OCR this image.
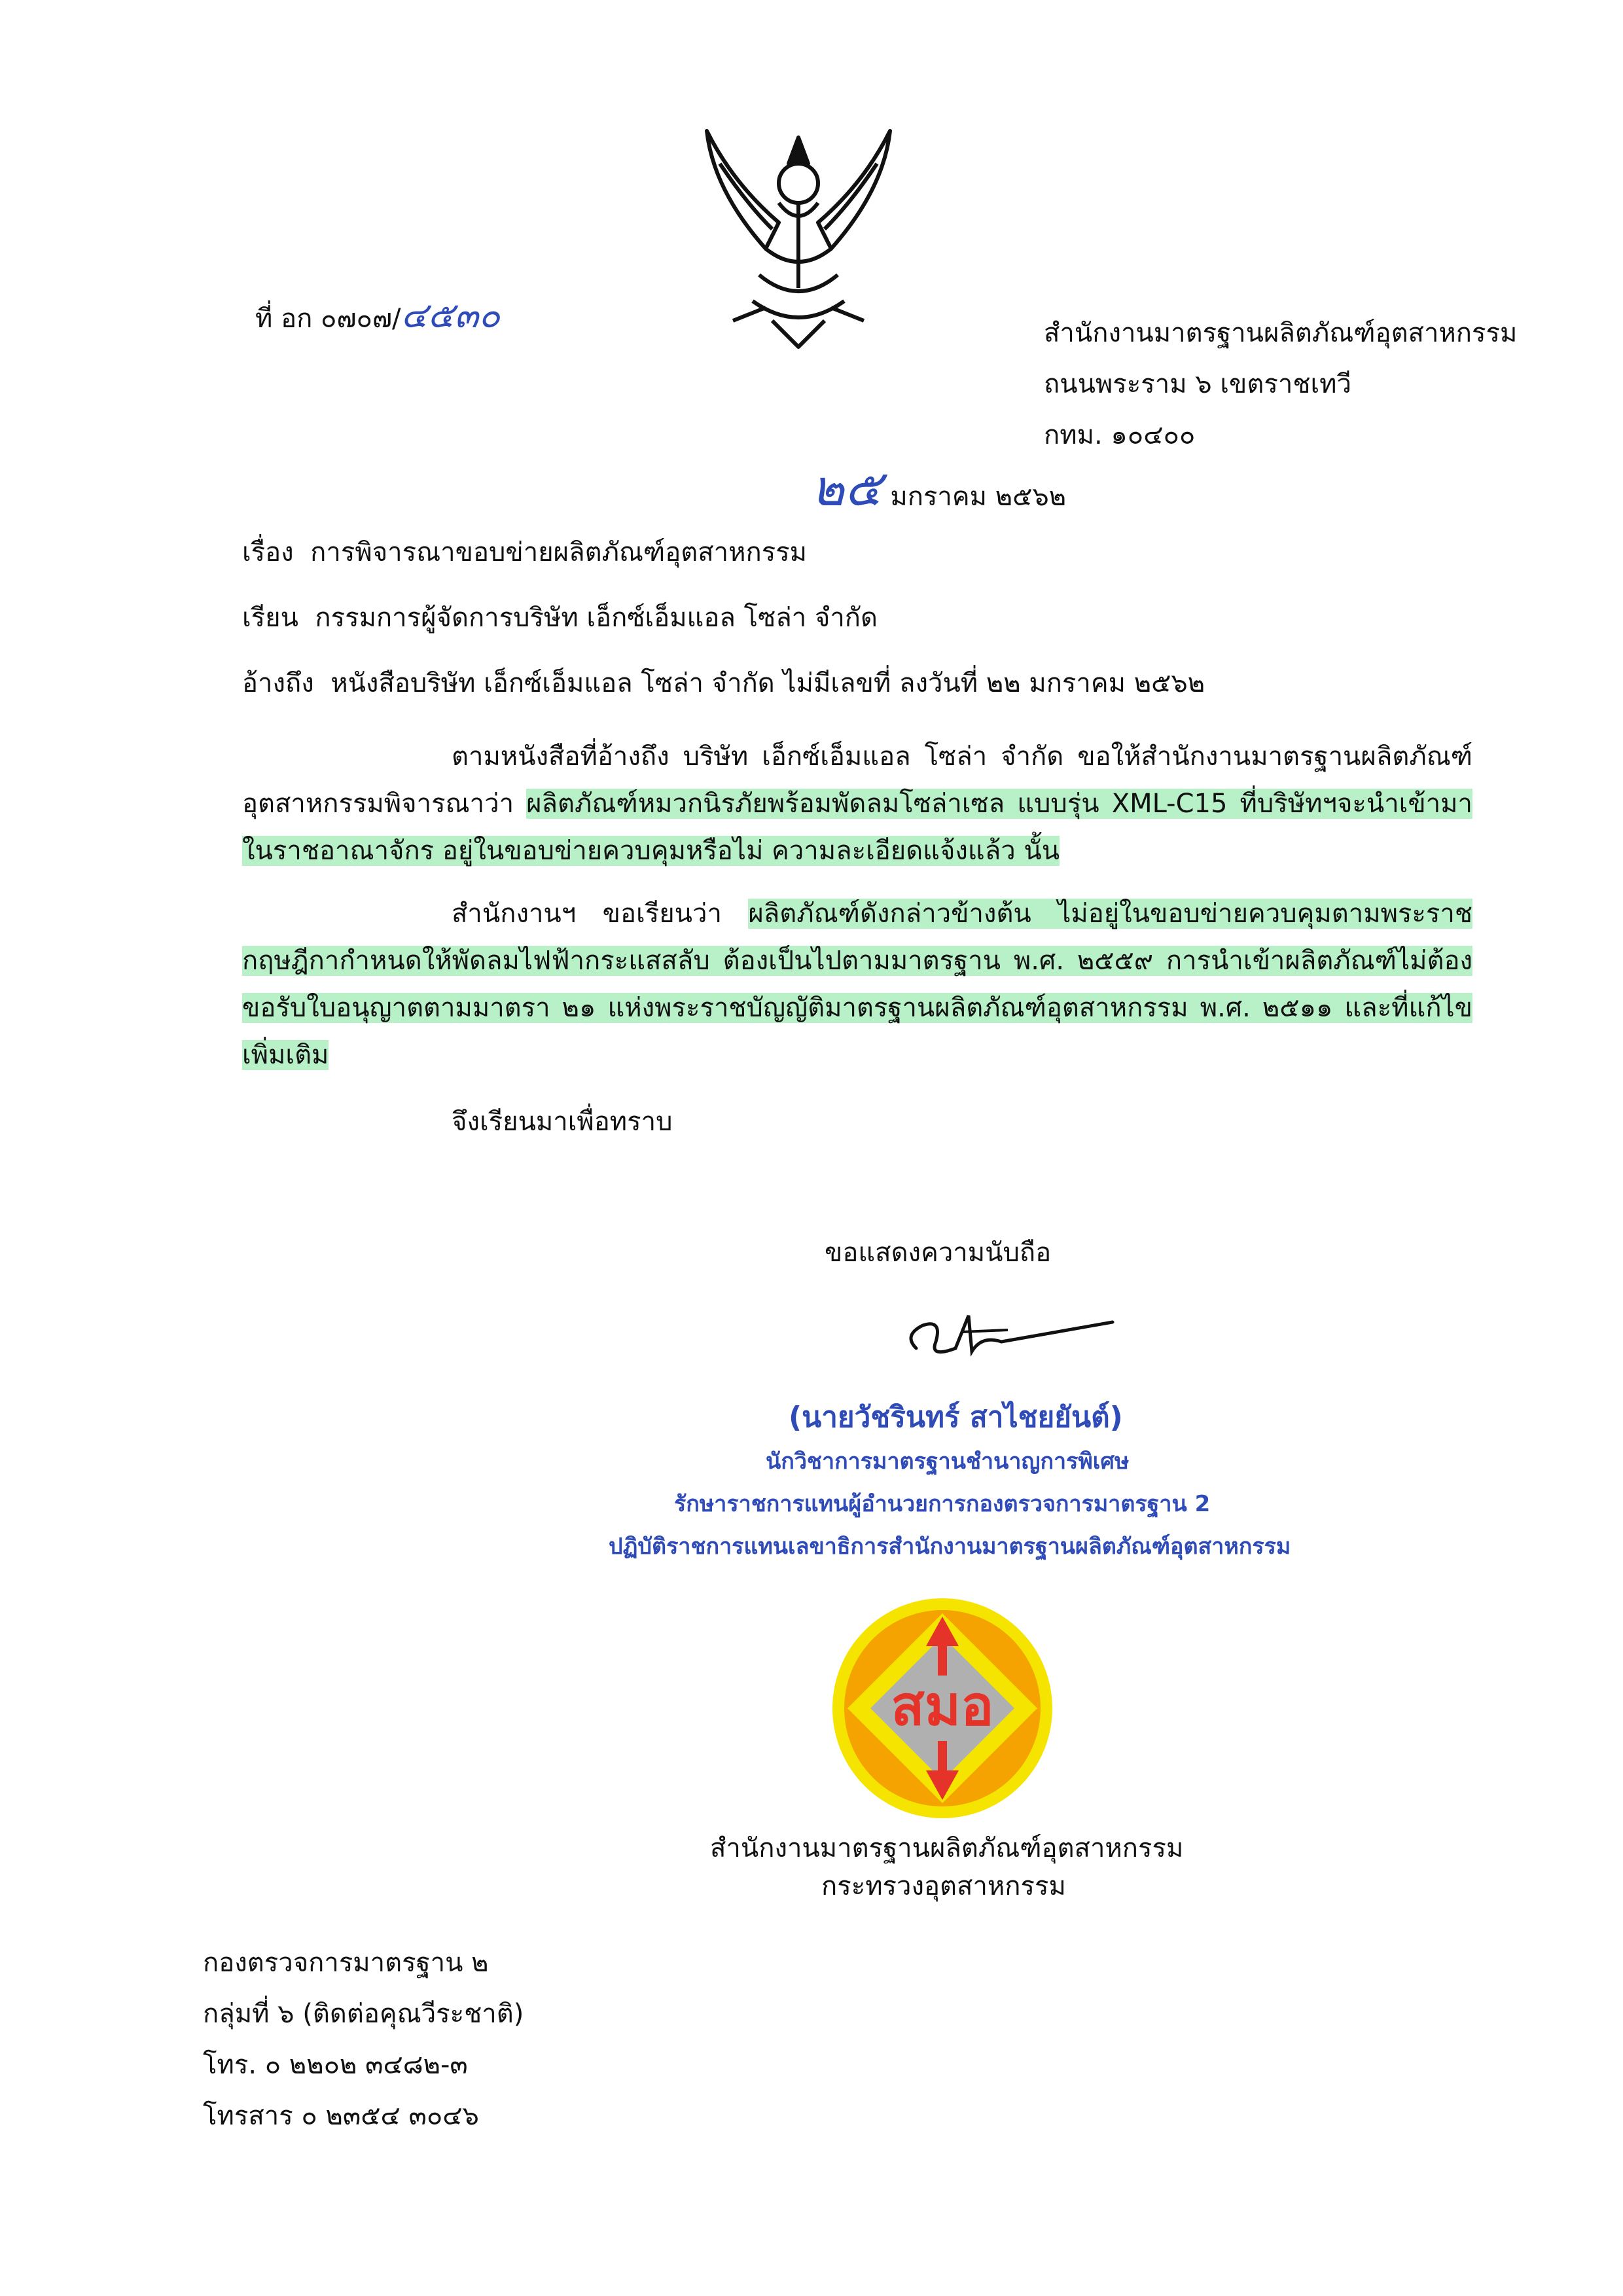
ที่ อก ๐๗๐๗/๔๕๓๐	สำนักงานมาตรฐานผลิตภัณฑ์อุตสาหกรรม
ถนนพระราม ๖ เขตราชเทวี
กทม. ๑๐๔๐๐
๒๕ มกราคม ๒๕๖๒
เรื่อง การพิจารณาขอบข่ายผลิตภัณฑ์อุตสาหกรรม
เรียน กรรมการผู้จัดการบริษัท เอ็กซ์เอ็มแอล โซล่า จำกัด
อ้างถึง หนังสือบริษัท เอ็กซ์เอ็มแอล โซล่า จำกัด ไม่มีเลขที่ ลงวันที่ ๒๒ มกราคม ๒๕๖๒

ตามหนังสือที่อ้างถึง บริษัท เอ็กซ์เอ็มแอล โซล่า จำกัด ขอให้สำนักงานมาตรฐานผลิตภัณฑ์อุตสาหกรรมพิจารณาว่า ผลิตภัณฑ์หมวกนิรภัยพร้อมพัดลมโซล่าเซล แบบรุ่น XML-C15 ที่บริษัทฯจะนำเข้ามาในราชอาณาจักร อยู่ในขอบข่ายควบคุมหรือไม่ ความละเอียดแจ้งแล้ว นั้น

สำนักงานฯ ขอเรียนว่า ผลิตภัณฑ์ดังกล่าวข้างต้น ไม่อยู่ในขอบข่ายควบคุมตามพระราชกฤษฎีกากำหนดให้พัดลมไฟฟ้ากระแสสลับ ต้องเป็นไปตามมาตรฐาน พ.ศ. ๒๕๕๙ การนำเข้าผลิตภัณฑ์ไม่ต้องขอรับใบอนุญาตตามมาตรา ๒๑ แห่งพระราชบัญญัติมาตรฐานผลิตภัณฑ์อุตสาหกรรม พ.ศ. ๒๕๑๑ และที่แก้ไขเพิ่มเติม

จึงเรียนมาเพื่อทราบ
ขอแสดงความนับถือ
(นายวัชรินทร์ สาไชยยันต์)
นักวิชาการมาตรฐานชำนาญการพิเศษ
รักษาราชการแทนผู้อำนวยการกองตรวจการมาตรฐาน 2
ปฏิบัติราชการแทนเลขาธิการสำนักงานมาตรฐานผลิตภัณฑ์อุตสาหกรรม
สมอ
สำนักงานมาตรฐานผลิตภัณฑ์อุตสาหกรรม
กระทรวงอุตสาหกรรม
กองตรวจการมาตรฐาน ๒
กลุ่มที่ ๖ (ติดต่อคุณวีระชาติ)
โทร. ๐ ๒๒๐๒ ๓๔๘๒-๓
โทรสาร ๐ ๒๓๕๔ ๓๐๔๖
